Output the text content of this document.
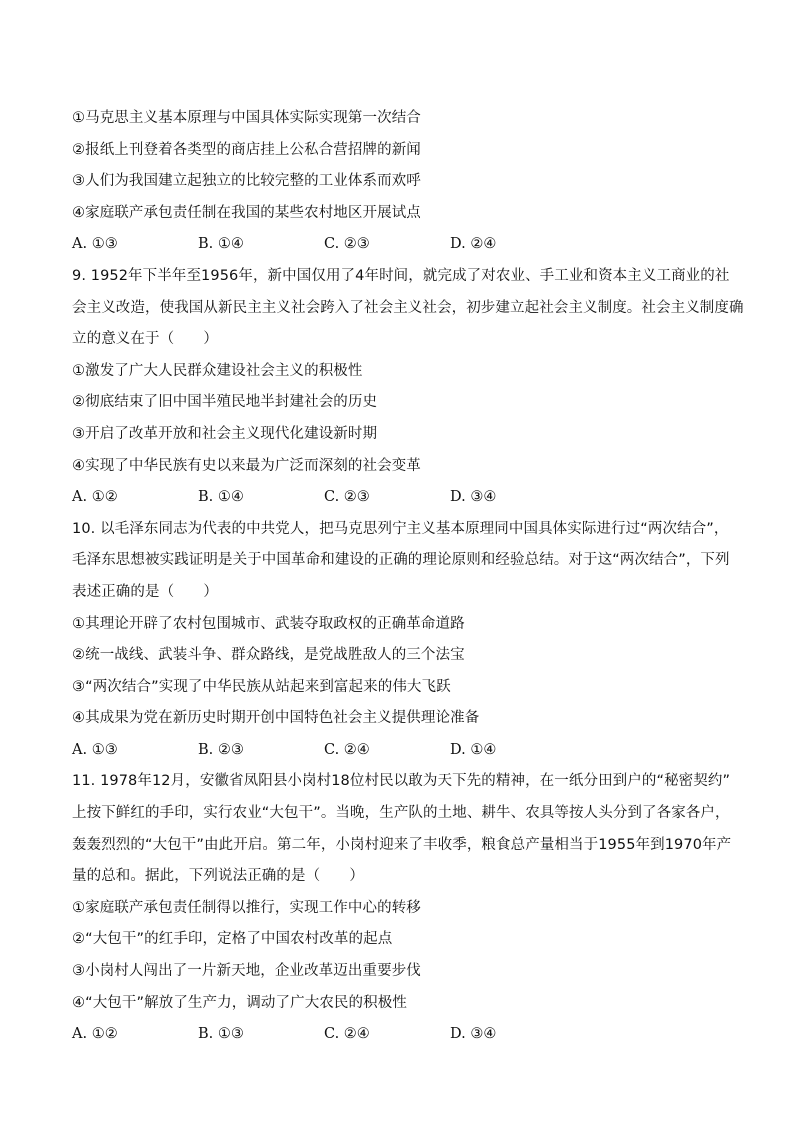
①马克思主义基本原理与中国具体实际实现第一次结合
②报纸上刊登着各类型的商店挂上公私合营招牌的新闻
③人们为我国建立起独立的比较完整的工业体系而欢呼
④家庭联产承包责任制在我国的某些农村地区开展试点
A. ①③	B. ①④	C. ②③	D. ②④
9. 1952年下半年至1956年，新中国仅用了4年时间，就完成了对农业、手工业和资本主义工商业的社
会主义改造，使我国从新民主主义社会跨入了社会主义社会，初步建立起社会主义制度。社会主义制度确
立的意义在于（　　）
①激发了广大人民群众建设社会主义的积极性
②彻底结束了旧中国半殖民地半封建社会的历史
③开启了改革开放和社会主义现代化建设新时期
④实现了中华民族有史以来最为广泛而深刻的社会变革
A. ①②	B. ①④	C. ②③	D. ③④
10. 以毛泽东同志为代表的中共党人，把马克思列宁主义基本原理同中国具体实际进行过“两次结合”，
毛泽东思想被实践证明是关于中国革命和建设的正确的理论原则和经验总结。对于这“两次结合”，下列
表述正确的是（　　）
①其理论开辟了农村包围城市、武装夺取政权的正确革命道路
②统一战线、武装斗争、群众路线，是党战胜敌人的三个法宝
③“两次结合”实现了中华民族从站起来到富起来的伟大飞跃
④其成果为党在新历史时期开创中国特色社会主义提供理论准备
A. ①③	B. ②③	C. ②④	D. ①④
11. 1978年12月，安徽省凤阳县小岗村18位村民以敢为天下先的精神，在一纸分田到户的“秘密契约”
上按下鲜红的手印，实行农业“大包干”。当晚，生产队的土地、耕牛、农具等按人头分到了各家各户，
轰轰烈烈的“大包干”由此开启。第二年，小岗村迎来了丰收季，粮食总产量相当于1955年到1970年产
量的总和。据此，下列说法正确的是（　　）
①家庭联产承包责任制得以推行，实现工作中心的转移
②“大包干”的红手印，定格了中国农村改革的起点
③小岗村人闯出了一片新天地，企业改革迈出重要步伐
④“大包干”解放了生产力，调动了广大农民的积极性
A. ①②	B. ①③	C. ②④	D. ③④
